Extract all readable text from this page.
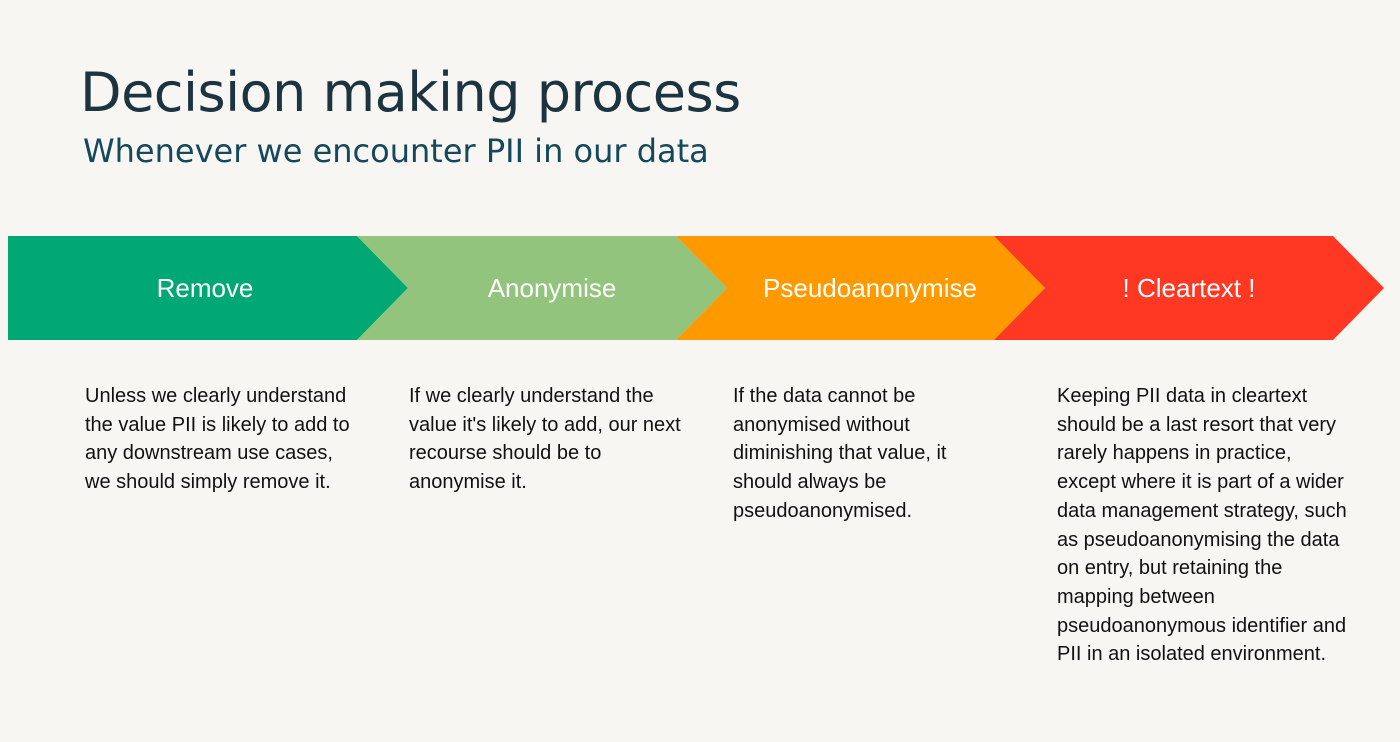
Decision making process
Whenever we encounter PII in our data
Remove	Anonymise	Pseudoanonymise	! Cleartext !

Unless we clearly understand the value PII is likely to add to any downstream use cases, we should simply remove it.

If we clearly understand the value it's likely to add, our next recourse should be to anonymise it.

If the data cannot be anonymised without diminishing that value, it should always be pseudoanonymised.

Keeping PII data in cleartext should be a last resort that very rarely happens in practice, except where it is part of a wider data management strategy, such as pseudoanonymising the data on entry, but retaining the mapping between pseudoanonymous identifier and PII in an isolated environment.
